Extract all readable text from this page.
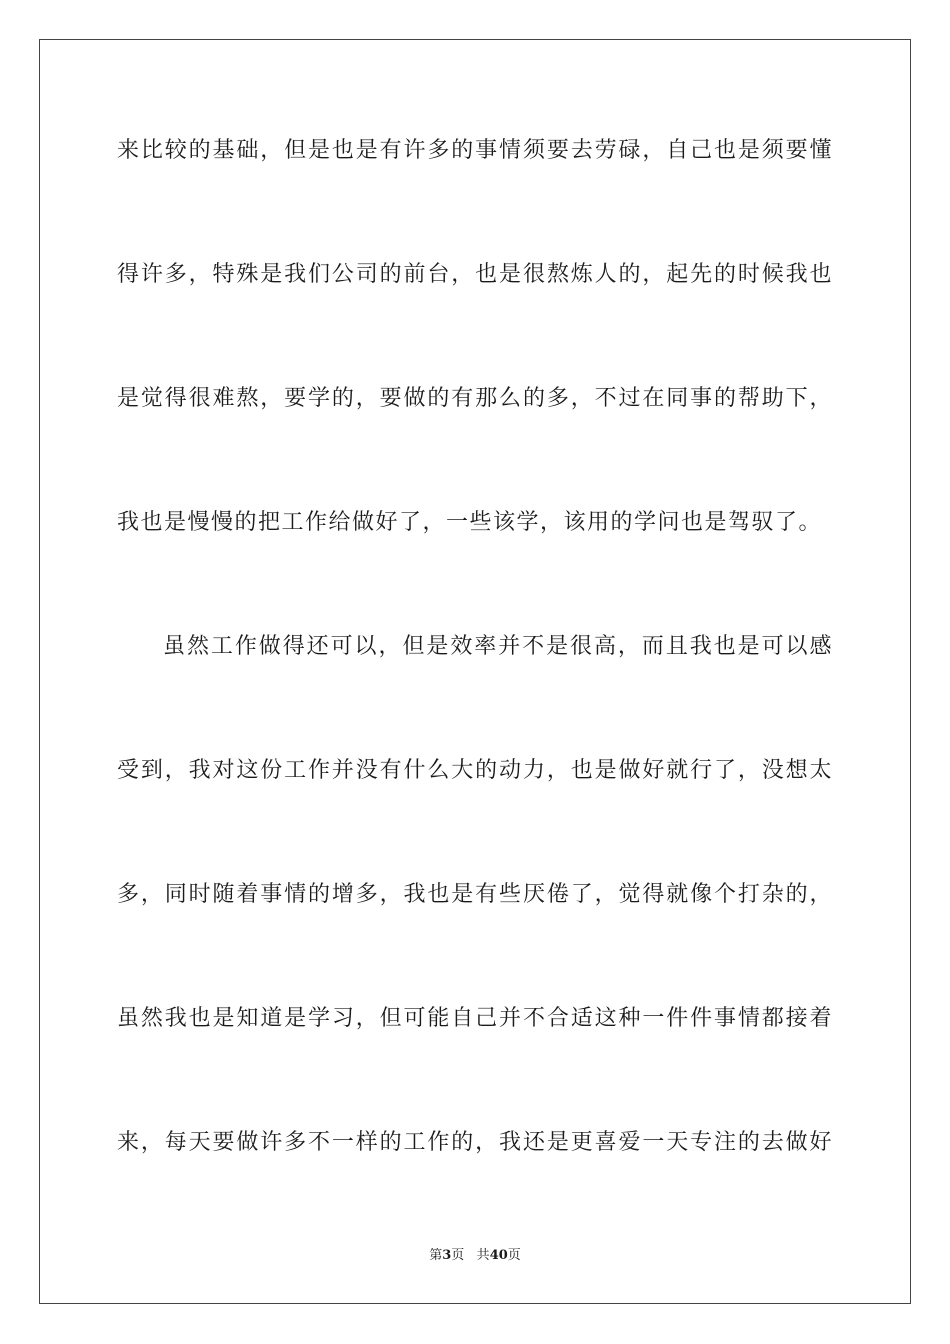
来比较的基础，但是也是有许多的事情须要去劳碌，自己也是须要懂
得许多，特殊是我们公司的前台，也是很熬炼人的，起先的时候我也
是觉得很难熬，要学的，要做的有那么的多，不过在同事的帮助下，
我也是慢慢的把工作给做好了，一些该学，该用的学问也是驾驭了。
虽然工作做得还可以，但是效率并不是很高，而且我也是可以感
受到，我对这份工作并没有什么大的动力，也是做好就行了，没想太
多，同时随着事情的增多，我也是有些厌倦了，觉得就像个打杂的，
虽然我也是知道是学习，但可能自己并不合适这种一件件事情都接着
来，每天要做许多不一样的工作的，我还是更喜爱一天专注的去做好
第3页 共40页
